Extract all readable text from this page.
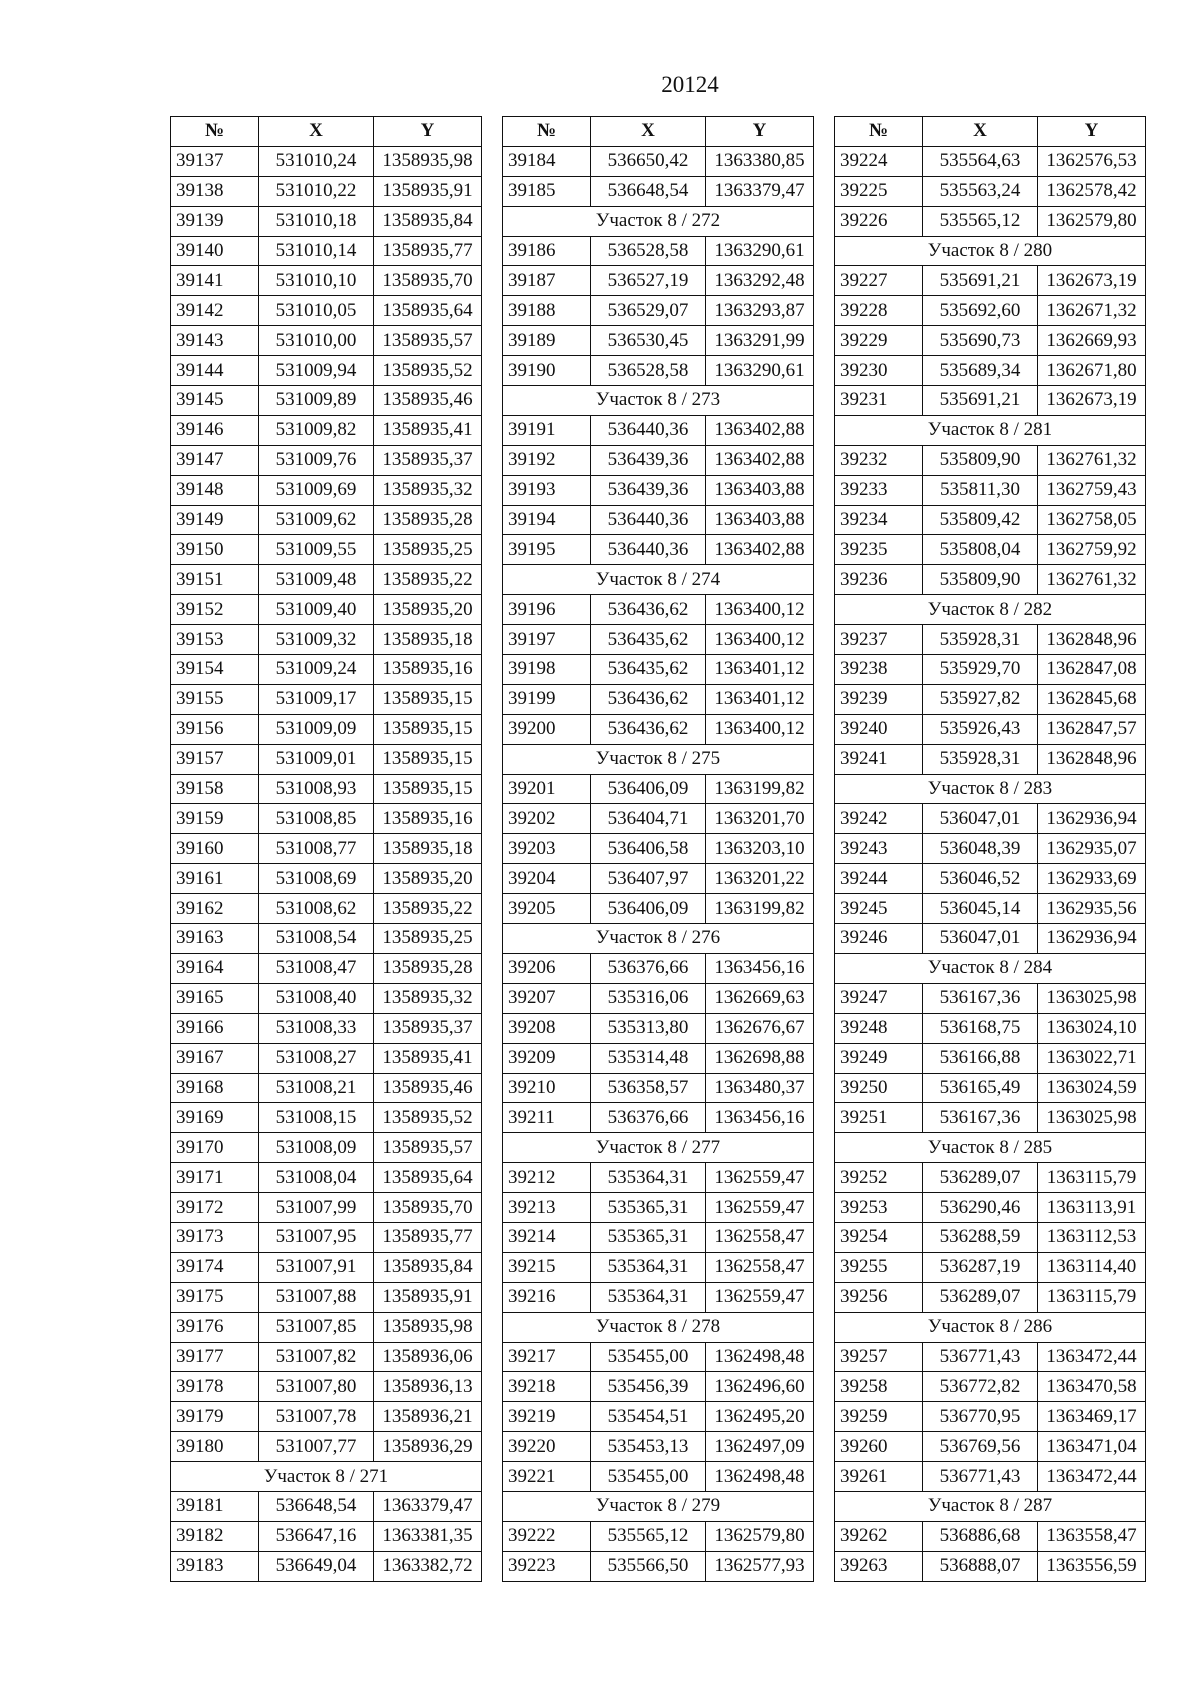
20124
№	X	Y
39137	531010,24	1358935,98
39138	531010,22	1358935,91
39139	531010,18	1358935,84
39140	531010,14	1358935,77
39141	531010,10	1358935,70
39142	531010,05	1358935,64
39143	531010,00	1358935,57
39144	531009,94	1358935,52
39145	531009,89	1358935,46
39146	531009,82	1358935,41
39147	531009,76	1358935,37
39148	531009,69	1358935,32
39149	531009,62	1358935,28
39150	531009,55	1358935,25
39151	531009,48	1358935,22
39152	531009,40	1358935,20
39153	531009,32	1358935,18
39154	531009,24	1358935,16
39155	531009,17	1358935,15
39156	531009,09	1358935,15
39157	531009,01	1358935,15
39158	531008,93	1358935,15
39159	531008,85	1358935,16
39160	531008,77	1358935,18
39161	531008,69	1358935,20
39162	531008,62	1358935,22
39163	531008,54	1358935,25
39164	531008,47	1358935,28
39165	531008,40	1358935,32
39166	531008,33	1358935,37
39167	531008,27	1358935,41
39168	531008,21	1358935,46
39169	531008,15	1358935,52
39170	531008,09	1358935,57
39171	531008,04	1358935,64
39172	531007,99	1358935,70
39173	531007,95	1358935,77
39174	531007,91	1358935,84
39175	531007,88	1358935,91
39176	531007,85	1358935,98
39177	531007,82	1358936,06
39178	531007,80	1358936,13
39179	531007,78	1358936,21
39180	531007,77	1358936,29
Участок 8 / 271		
39181	536648,54	1363379,47
39182	536647,16	1363381,35
39183	536649,04	1363382,72
№	X	Y
39184	536650,42	1363380,85
39185	536648,54	1363379,47
Участок 8 / 272		
39186	536528,58	1363290,61
39187	536527,19	1363292,48
39188	536529,07	1363293,87
39189	536530,45	1363291,99
39190	536528,58	1363290,61
Участок 8 / 273		
39191	536440,36	1363402,88
39192	536439,36	1363402,88
39193	536439,36	1363403,88
39194	536440,36	1363403,88
39195	536440,36	1363402,88
Участок 8 / 274		
39196	536436,62	1363400,12
39197	536435,62	1363400,12
39198	536435,62	1363401,12
39199	536436,62	1363401,12
39200	536436,62	1363400,12
Участок 8 / 275		
39201	536406,09	1363199,82
39202	536404,71	1363201,70
39203	536406,58	1363203,10
39204	536407,97	1363201,22
39205	536406,09	1363199,82
Участок 8 / 276		
39206	536376,66	1363456,16
39207	535316,06	1362669,63
39208	535313,80	1362676,67
39209	535314,48	1362698,88
39210	536358,57	1363480,37
39211	536376,66	1363456,16
Участок 8 / 277		
39212	535364,31	1362559,47
39213	535365,31	1362559,47
39214	535365,31	1362558,47
39215	535364,31	1362558,47
39216	535364,31	1362559,47
Участок 8 / 278		
39217	535455,00	1362498,48
39218	535456,39	1362496,60
39219	535454,51	1362495,20
39220	535453,13	1362497,09
39221	535455,00	1362498,48
Участок 8 / 279		
39222	535565,12	1362579,80
39223	535566,50	1362577,93
№	X	Y
39224	535564,63	1362576,53
39225	535563,24	1362578,42
39226	535565,12	1362579,80
Участок 8 / 280		
39227	535691,21	1362673,19
39228	535692,60	1362671,32
39229	535690,73	1362669,93
39230	535689,34	1362671,80
39231	535691,21	1362673,19
Участок 8 / 281		
39232	535809,90	1362761,32
39233	535811,30	1362759,43
39234	535809,42	1362758,05
39235	535808,04	1362759,92
39236	535809,90	1362761,32
Участок 8 / 282		
39237	535928,31	1362848,96
39238	535929,70	1362847,08
39239	535927,82	1362845,68
39240	535926,43	1362847,57
39241	535928,31	1362848,96
Участок 8 / 283		
39242	536047,01	1362936,94
39243	536048,39	1362935,07
39244	536046,52	1362933,69
39245	536045,14	1362935,56
39246	536047,01	1362936,94
Участок 8 / 284		
39247	536167,36	1363025,98
39248	536168,75	1363024,10
39249	536166,88	1363022,71
39250	536165,49	1363024,59
39251	536167,36	1363025,98
Участок 8 / 285		
39252	536289,07	1363115,79
39253	536290,46	1363113,91
39254	536288,59	1363112,53
39255	536287,19	1363114,40
39256	536289,07	1363115,79
Участок 8 / 286		
39257	536771,43	1363472,44
39258	536772,82	1363470,58
39259	536770,95	1363469,17
39260	536769,56	1363471,04
39261	536771,43	1363472,44
Участок 8 / 287		
39262	536886,68	1363558,47
39263	536888,07	1363556,59
